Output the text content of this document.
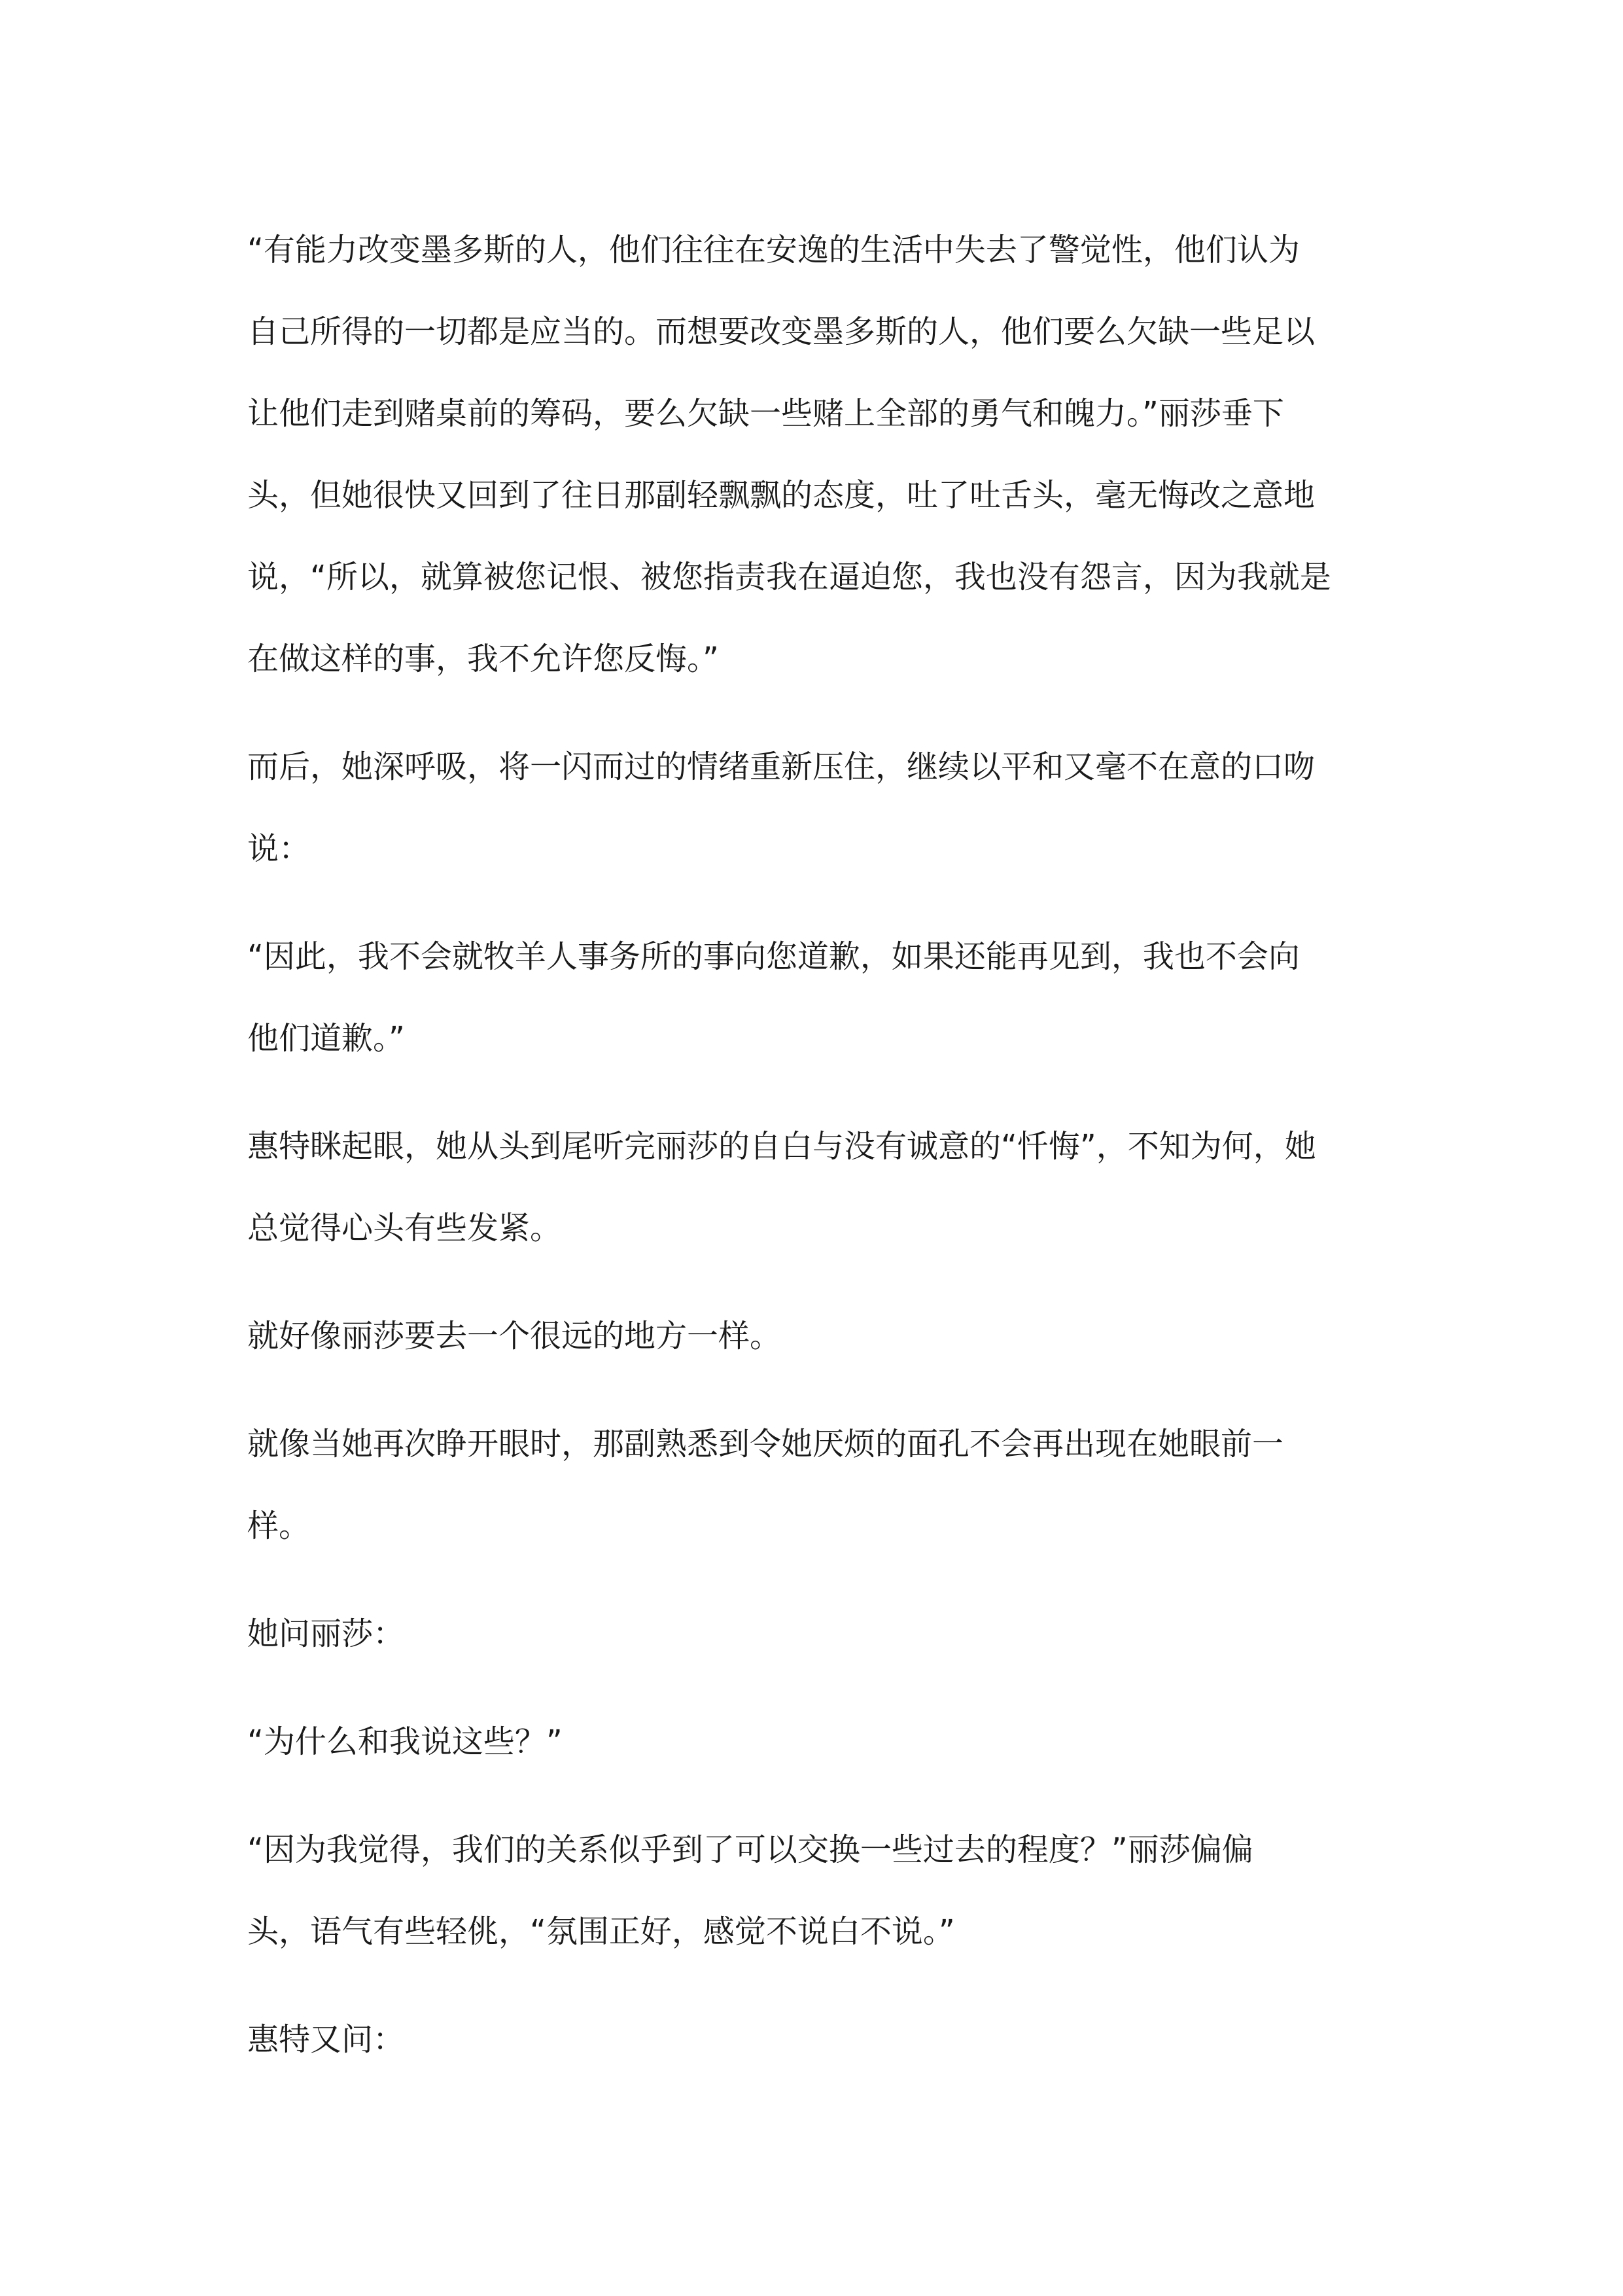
“有能力改变墨多斯的人，他们往往在安逸的生活中失去了警觉性，他们认为
自己所得的一切都是应当的。而想要改变墨多斯的人，他们要么欠缺一些足以
让他们走到赌桌前的筹码，要么欠缺一些赌上全部的勇气和魄力。”丽莎垂下
头，但她很快又回到了往日那副轻飘飘的态度，吐了吐舌头，毫无悔改之意地
说，“所以，就算被您记恨、被您指责我在逼迫您，我也没有怨言，因为我就是
在做这样的事，我不允许您反悔。”

而后，她深呼吸，将一闪而过的情绪重新压住，继续以平和又毫不在意的口吻
说：

“因此，我不会就牧羊人事务所的事向您道歉，如果还能再见到，我也不会向
他们道歉。”

惠特眯起眼，她从头到尾听完丽莎的自白与没有诚意的“忏悔”，不知为何，她
总觉得心头有些发紧。

就好像丽莎要去一个很远的地方一样。

就像当她再次睁开眼时，那副熟悉到令她厌烦的面孔不会再出现在她眼前一
样。

她问丽莎：

“为什么和我说这些？”

“因为我觉得，我们的关系似乎到了可以交换一些过去的程度？”丽莎偏偏
头，语气有些轻佻，“氛围正好，感觉不说白不说。”

惠特又问：
